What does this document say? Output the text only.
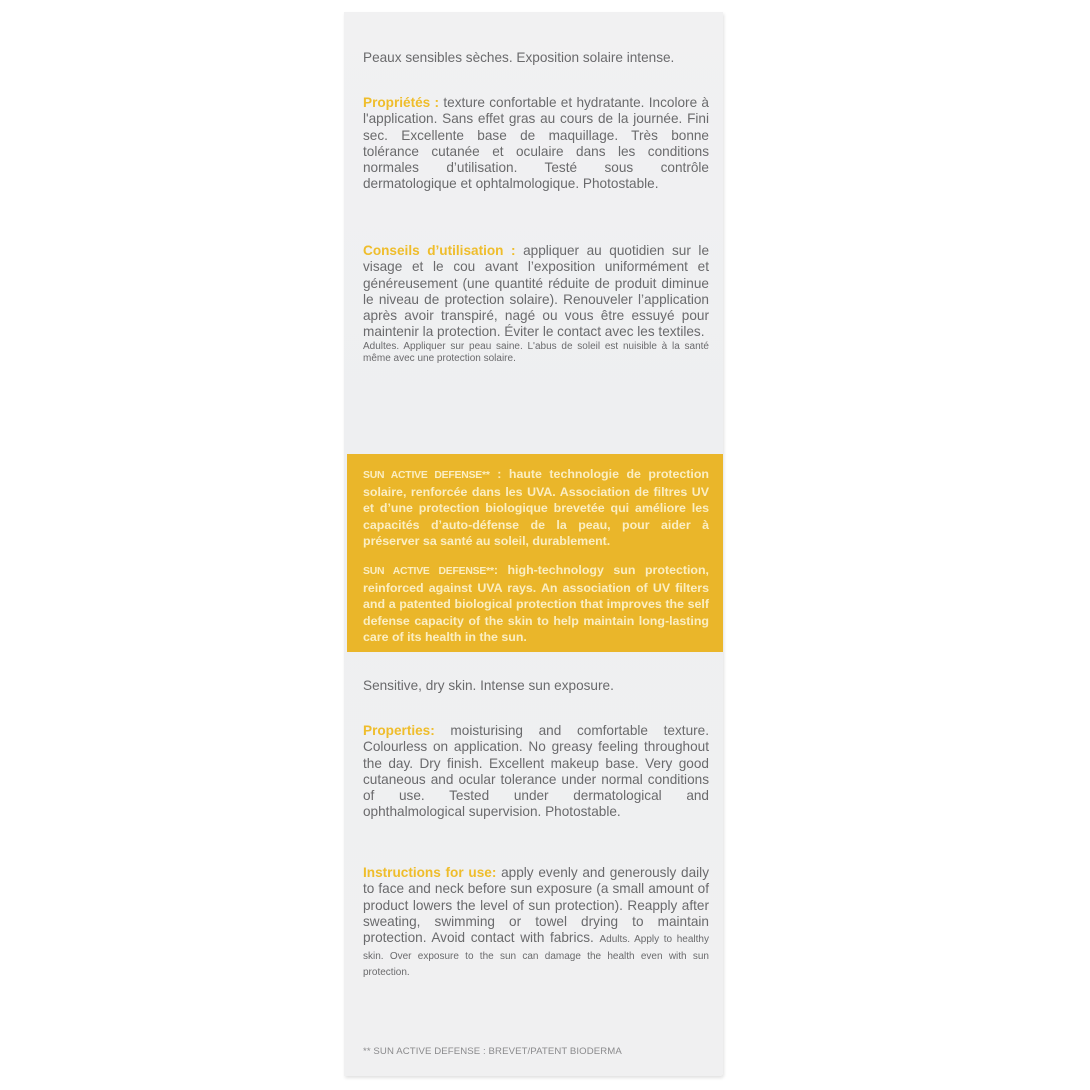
Peaux sensibles sèches. Exposition solaire intense.
Propriétés : texture confortable et hydratante. Incolore à l'application. Sans effet gras au cours de la journée. Fini sec. Excellente base de maquillage. Très bonne tolérance cutanée et oculaire dans les conditions normales d’utilisation. Testé sous contrôle dermatologique et ophtalmologique. Photostable.
Conseils d’utilisation : appliquer au quotidien sur le visage et le cou avant l’exposition uniformément et généreusement (une quantité réduite de produit diminue le niveau de protection solaire). Renouveler l’application après avoir transpiré, nagé ou vous être essuyé pour maintenir la protection. Éviter le contact avec les textiles.
Adultes. Appliquer sur peau saine. L'abus de soleil est nuisible à la santé même avec une protection solaire.
SUN ACTIVE DEFENSE** : haute technologie de protection solaire, renforcée dans les UVA. Association de filtres UV et d’une protection biologique brevetée qui améliore les capacités d’auto-défense de la peau, pour aider à préserver sa santé au soleil, durablement.
SUN ACTIVE DEFENSE**: high-technology sun protection, reinforced against UVA rays. An association of UV filters and a patented biological protection that improves the self defense capacity of the skin to help maintain long-lasting care of its health in the sun.
Sensitive, dry skin. Intense sun exposure.
Properties: moisturising and comfortable texture. Colourless on application. No greasy feeling throughout the day. Dry finish. Excellent makeup base. Very good cutaneous and ocular tolerance under normal conditions of use. Tested under dermatological and ophthalmological supervision. Photostable.
Instructions for use: apply evenly and generously daily to face and neck before sun exposure (a small amount of product lowers the level of sun protection). Reapply after sweating, swimming or towel drying to maintain protection. Avoid contact with fabrics. Adults. Apply to healthy skin. Over exposure to the sun can damage the health even with sun protection.
** SUN ACTIVE DEFENSE : BREVET/PATENT BIODERMA
